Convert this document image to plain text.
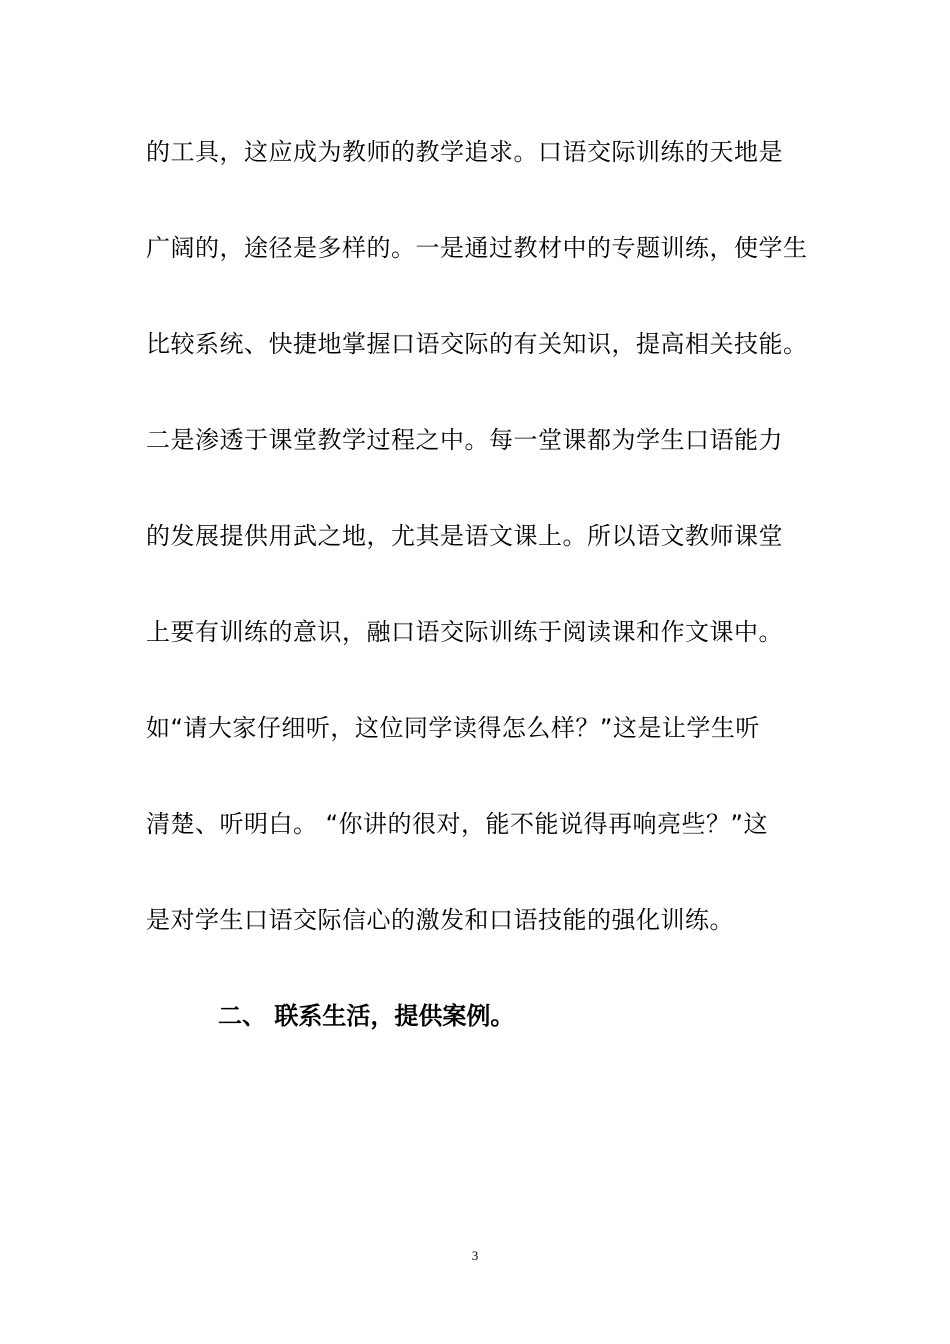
的工具，这应成为教师的教学追求。口语交际训练的天地是
广阔的，途径是多样的。一是通过教材中的专题训练，使学生
比较系统、快捷地掌握口语交际的有关知识，提高相关技能。
二是渗透于课堂教学过程之中。每一堂课都为学生口语能力
的发展提供用武之地，尤其是语文课上。所以语文教师课堂
上要有训练的意识，融口语交际训练于阅读课和作文课中。
如“请大家仔细听，这位同学读得怎么样？”这是让学生听
清楚、听明白。 “你讲的很对，能不能说得再响亮些？”这
是对学生口语交际信心的激发和口语技能的强化训练。
二、 联系生活，提供案例。
3
